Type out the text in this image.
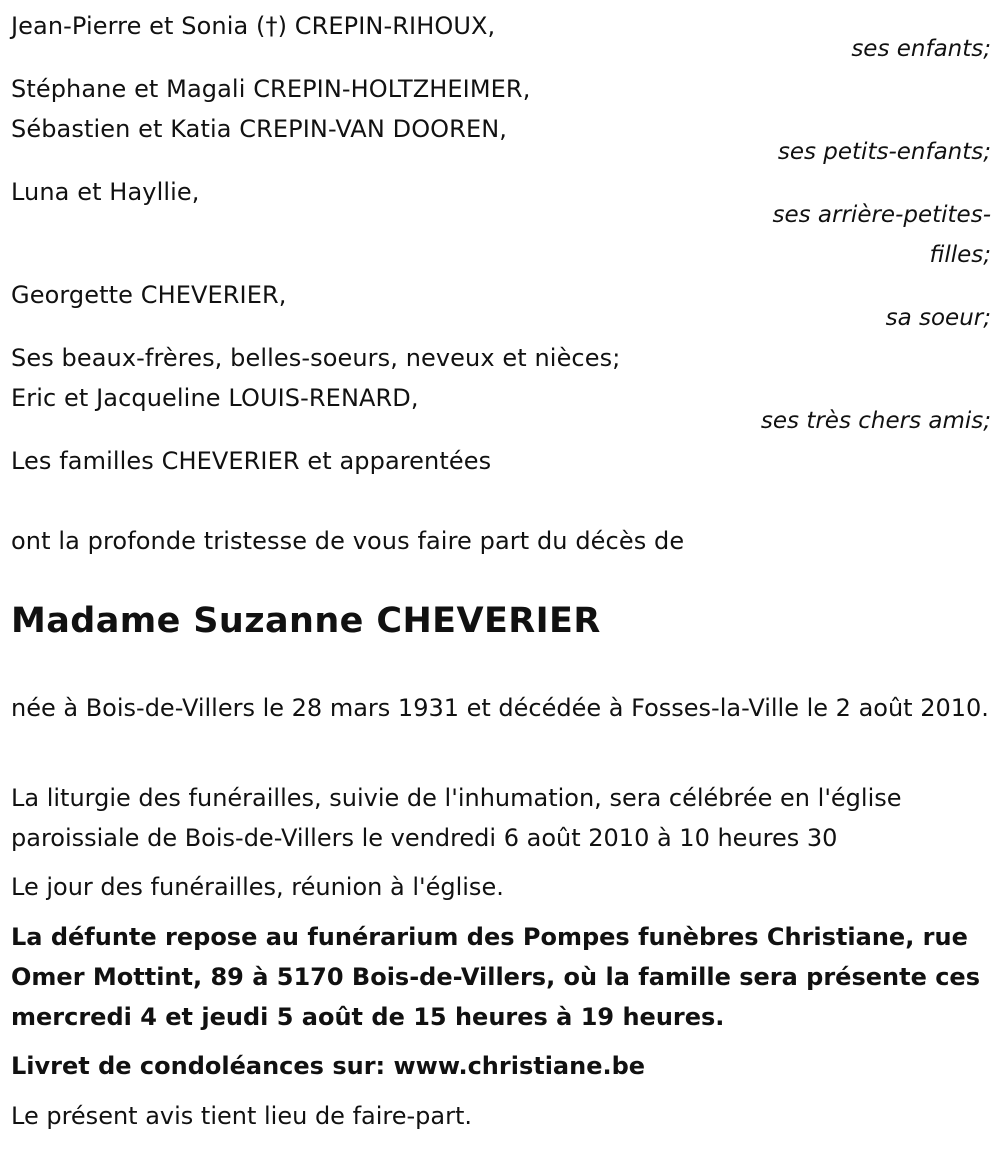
Jean-Pierre et Sonia (†) CREPIN-RIHOUX,
ses enfants;
Stéphane et Magali CREPIN-HOLTZHEIMER,
Sébastien et Katia CREPIN-VAN DOOREN,
ses petits-enfants;
Luna et Hayllie,
ses arrière-petites-
filles;
Georgette CHEVERIER,
sa soeur;
Ses beaux-frères, belles-soeurs, neveux et nièces;
Eric et Jacqueline LOUIS-RENARD,
ses très chers amis;
Les familles CHEVERIER et apparentées
ont la profonde tristesse de vous faire part du décès de
Madame Suzanne CHEVERIER
née à Bois-de-Villers le 28 mars 1931 et décédée à Fosses-la-Ville le 2 août 2010.
La liturgie des funérailles, suivie de l'inhumation, sera célébrée en l'église paroissiale de Bois-de-Villers le vendredi 6 août 2010 à 10 heures 30
Le jour des funérailles, réunion à l'église.
La défunte repose au funérarium des Pompes funèbres Christiane, rue Omer Mottint, 89 à 5170 Bois-de-Villers, où la famille sera présente ces mercredi 4 et jeudi 5 août de 15 heures à 19 heures.
Livret de condoléances sur: www.christiane.be
Le présent avis tient lieu de faire-part.
